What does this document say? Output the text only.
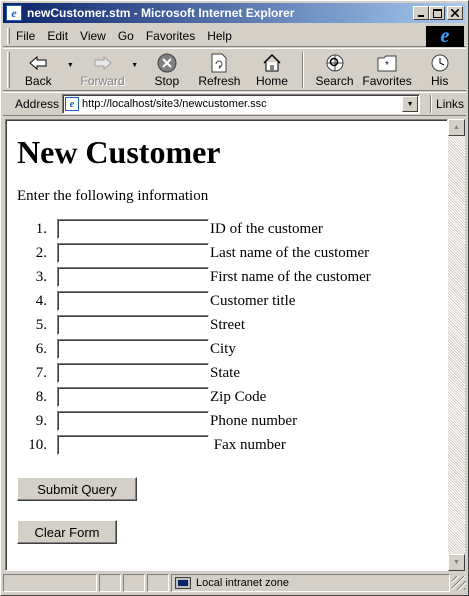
e newCustomer.stm - Microsoft Internet Explorer
File	Edit	View	Go	Favorites	Help	e
Back
▼
Forward
▼
Stop Refresh Home Search
*
Favorites His
Address	e http://localhost/site3/newcustomer.ssc	▼	Links
New Customer

Enter the following information

1.	ID of the customer
2.	Last name of the customer
3.	First name of the customer
4.	Customer title
5.	Street
6.	City
7.	State
8.	Zip Code
9.	Phone number
10.	Fax number
Submit Query
Clear Form
▲
▼
Local intranet zone
